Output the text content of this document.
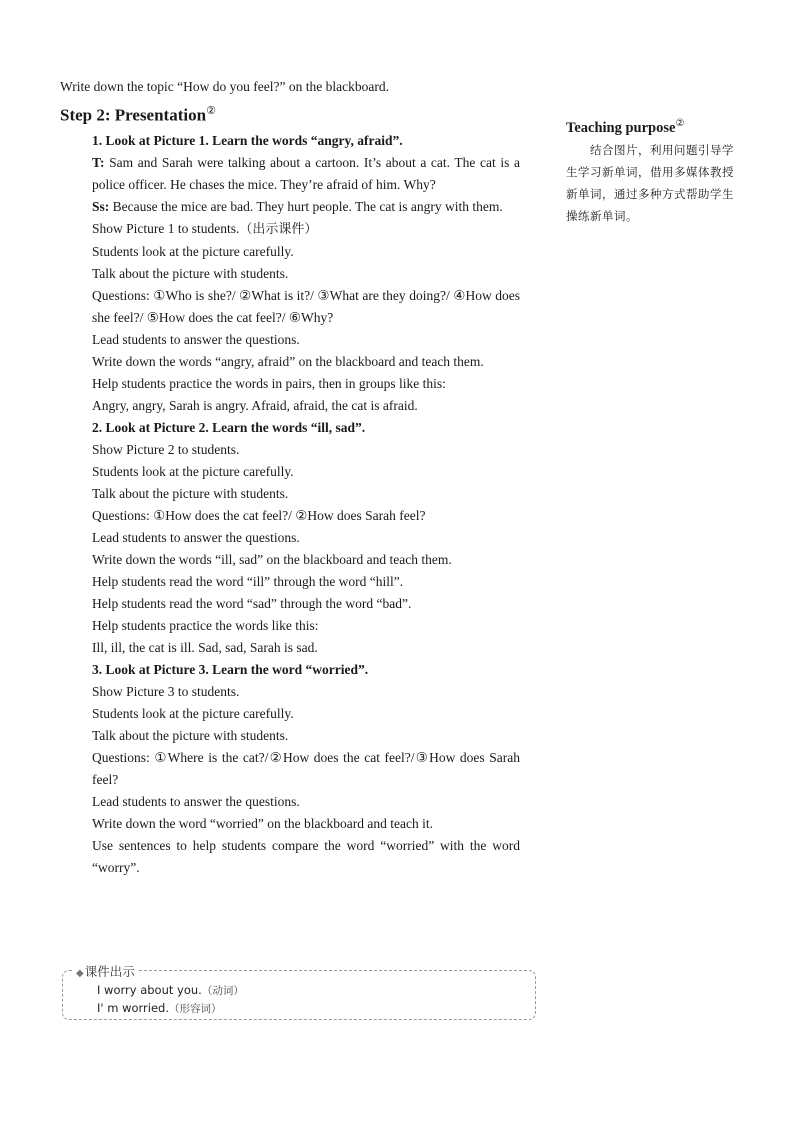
Write down the topic “How do you feel?” on the blackboard.
Step 2: Presentation②
1. Look at Picture 1. Learn the words “angry, afraid”.
T: Sam and Sarah were talking about a cartoon. It’s about a cat. The cat is a police officer. He chases the mice. They’re afraid of him. Why?
Ss: Because the mice are bad. They hurt people. The cat is angry with them.
Show Picture 1 to students.（出示课件）
Students look at the picture carefully.
Talk about the picture with students.
Questions: ①Who is she?/ ②What is it?/ ③What are they doing?/ ④How does she feel?/ ⑤How does the cat feel?/ ⑥Why?
Lead students to answer the questions.
Write down the words “angry, afraid” on the blackboard and teach them.
Help students practice the words in pairs, then in groups like this:
Angry, angry, Sarah is angry. Afraid, afraid, the cat is afraid.
2. Look at Picture 2. Learn the words “ill, sad”.
Show Picture 2 to students.
Students look at the picture carefully.
Talk about the picture with students.
Questions: ①How does the cat feel?/ ②How does Sarah feel?
Lead students to answer the questions.
Write down the words “ill, sad” on the blackboard and teach them.
Help students read the word “ill” through the word “hill”.
Help students read the word “sad” through the word “bad”.
Help students practice the words like this:
Ill, ill, the cat is ill. Sad, sad, Sarah is sad.
3. Look at Picture 3. Learn the word “worried”.
Show Picture 3 to students.
Students look at the picture carefully.
Talk about the picture with students.
Questions: ①Where is the cat?/②How does the cat feel?/③How does Sarah feel?
Lead students to answer the questions.
Write down the word “worried” on the blackboard and teach it.
Use sentences to help students compare the word “worried” with the word “worry”.
Teaching purpose②
结合图片，利用问题引导学生学习新单词，借用多媒体教授新单词，通过多种方式帮助学生操练新单词。
◆课件出示
I worry about you.（动词）
I' m worried.（形容词）
